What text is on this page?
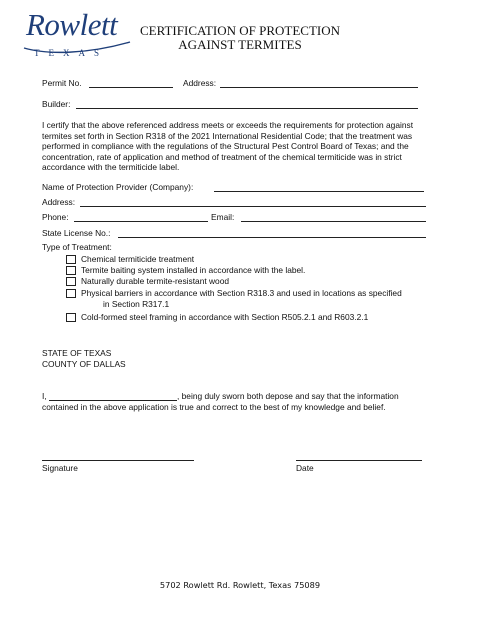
Rowlett
TEXAS
CERTIFICATION OF PROTECTION
AGAINST TERMITES
Permit No.	Address:
Builder:
I certify that the above referenced address meets or exceeds the requirements for protection against termites set forth in Section R318 of the 2021 International Residential Code; that the treatment was performed in compliance with the regulations of the Structural Pest Control Board of Texas; and the concentration, rate of application and method of treatment of the chemical termiticide was in strict accordance with the termiticide label.
Name of Protection Provider (Company):
Address:
Phone:	Email:
State License No.:
Type of Treatment:
Chemical termiticide treatment
Termite baiting system installed in accordance with the label.
Naturally durable termite-resistant wood
Physical barriers in accordance with Section R318.3 and used in locations as specified
in Section R317.1
Cold-formed steel framing in accordance with Section R505.2.1 and R603.2.1
STATE OF TEXAS
COUNTY OF DALLAS
I,	, being duly sworn both depose and say that the information
contained in the above application is true and correct to the best of my knowledge and belief.
Signature	Date
5702 Rowlett Rd. Rowlett, Texas 75089
